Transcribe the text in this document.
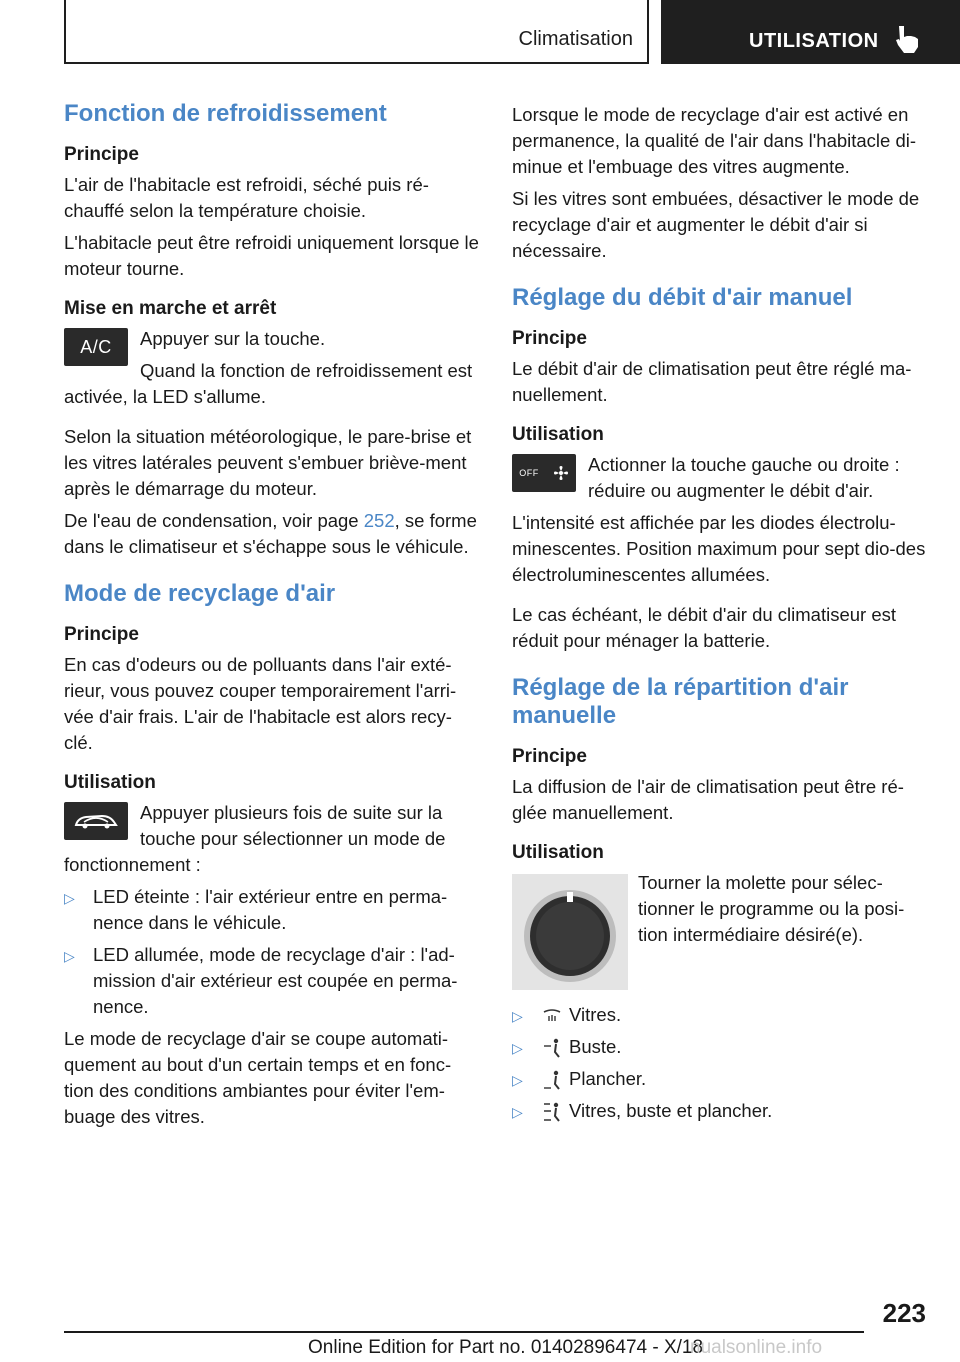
Climatisation	UTILISATION
Fonction de refroidissement
Principe

L'air de l'habitacle est refroidi, séché puis ré-chauffé selon la température choisie.

L'habitacle peut être refroidi uniquement lorsque le moteur tourne.

Mise en marche et arrêt
A/C	Appuyer sur la touche.

Quand la fonction de refroidissement est activée, la LED s'allume.

Selon la situation météorologique, le pare-brise et les vitres latérales peuvent s'embuer briève-ment après le démarrage du moteur.

De l'eau de condensation, voir page 252, se forme dans le climatiseur et s'échappe sous le véhicule.

Mode de recyclage d'air
Principe

En cas d'odeurs ou de polluants dans l'air exté-rieur, vous pouvez couper temporairement l'arri-vée d'air frais. L'air de l'habitacle est alors recy-clé.

Utilisation

Appuyer plusieurs fois de suite sur la touche pour sélectionner un mode de fonctionnement :

▷ LED éteinte : l'air extérieur entre en perma-nence dans le véhicule.
▷ LED allumée, mode de recyclage d'air : l'ad-mission d'air extérieur est coupée en perma-nence.

Le mode de recyclage d'air se coupe automati-quement au bout d'un certain temps et en fonc-tion des conditions ambiantes pour éviter l'em-buage des vitres.

Lorsque le mode de recyclage d'air est activé en permanence, la qualité de l'air dans l'habitacle di-minue et l'embuage des vitres augmente.

Si les vitres sont embuées, désactiver le mode de recyclage d'air et augmenter le débit d'air si nécessaire.

Réglage du débit d'air manuel
Principe

Le débit d'air de climatisation peut être réglé ma-nuellement.

Utilisation
OFF	Actionner la touche gauche ou droite : réduire ou augmenter le débit d'air.

L'intensité est affichée par les diodes électrolu-minescentes. Position maximum pour sept dio-des électroluminescentes allumées.

Le cas échéant, le débit d'air du climatiseur est réduit pour ménager la batterie.

Réglage de la répartition d'air manuelle
Principe

La diffusion de l'air de climatisation peut être ré-glée manuellement.

Utilisation

Tourner la molette pour sélec-tionner le programme ou la posi-tion intermédiaire désiré(e).

▷ Vitres.
▷ Buste.
▷ Plancher.
▷ Vitres, buste et plancher.
223
Online Edition for Part no. 01402896474 - X/18
nualsonline.info
